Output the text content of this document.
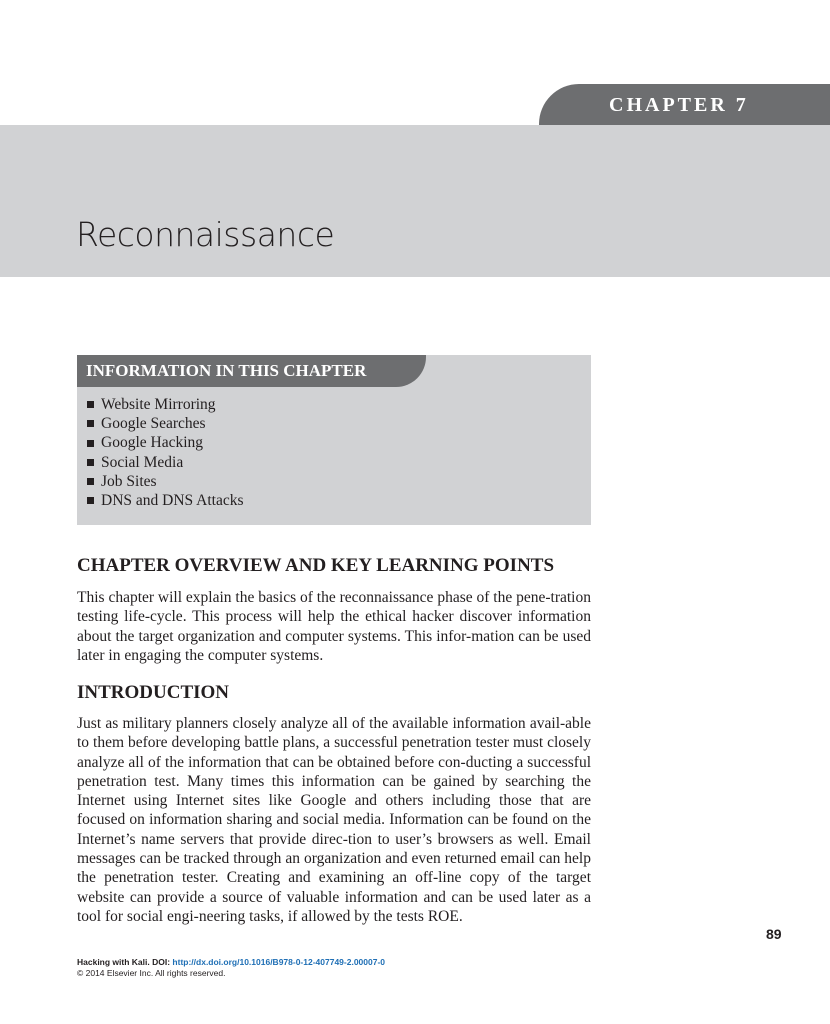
CHAPTER 7
Reconnaissance
INFORMATION IN THIS CHAPTER
Website Mirroring
Google Searches
Google Hacking
Social Media
Job Sites
DNS and DNS Attacks
CHAPTER OVERVIEW AND KEY LEARNING POINTS

This chapter will explain the basics of the reconnaissance phase of the pene-tration testing life-cycle. This process will help the ethical hacker discover information about the target organization and computer systems. This infor-mation can be used later in engaging the computer systems.

INTRODUCTION

Just as military planners closely analyze all of the available information avail-able to them before developing battle plans, a successful penetration tester must closely analyze all of the information that can be obtained before con-ducting a successful penetration test. Many times this information can be gained by searching the Internet using Internet sites like Google and others including those that are focused on information sharing and social media. Information can be found on the Internet’s name servers that provide direc-tion to user’s browsers as well. Email messages can be tracked through an organization and even returned email can help the penetration tester. Creating and examining an off-line copy of the target website can provide a source of valuable information and can be used later as a tool for social engi-neering tasks, if allowed by the tests ROE.

89
Hacking with Kali. DOI: http://dx.doi.org/10.1016/B978-0-12-407749-2.00007-0
© 2014 Elsevier Inc. All rights reserved.
